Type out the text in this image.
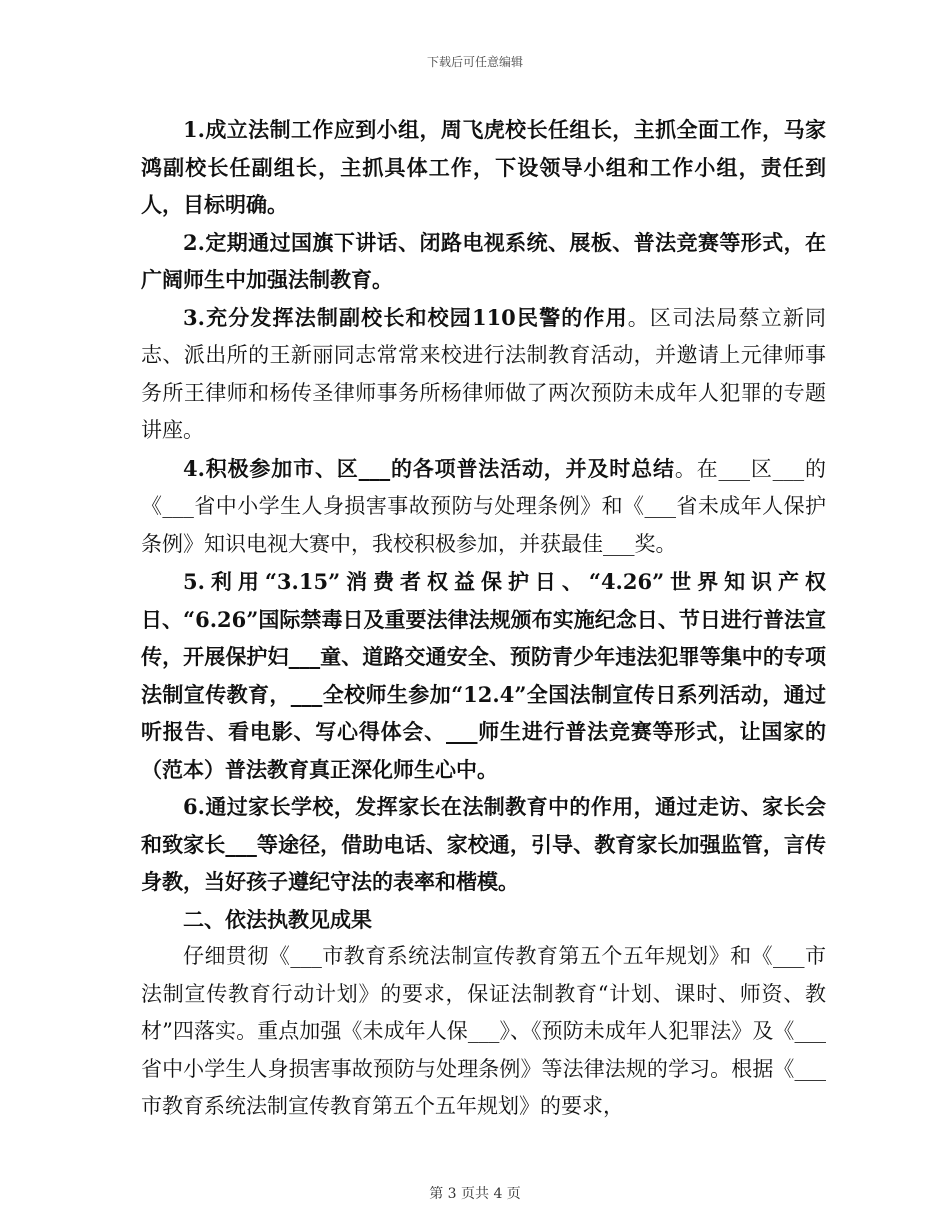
下载后可任意编辑

1.成立法制工作应到小组，周飞虎校长任组长，主抓全面工作，马家鸿副校长任副组长，主抓具体工作，下设领导小组和工作小组，责任到人，目标明确。

2.定期通过国旗下讲话、闭路电视系统、展板、普法竞赛等形式，在广阔师生中加强法制教育。

3.充分发挥法制副校长和校园110民警的作用。区司法局蔡立新同志、派出所的王新丽同志常常来校进行法制教育活动，并邀请上元律师事务所王律师和杨传圣律师事务所杨律师做了两次预防未成年人犯罪的专题讲座。

4.积极参加市、区___的各项普法活动，并及时总结。在___区___的《___省中小学生人身损害事故预防与处理条例》和《___省未成年人保护条例》知识电视大赛中，我校积极参加，并获最佳___奖。

5.利用“3.15”消费者权益保护日、“4.26”世界知识产权日、“6.26”国际禁毒日及重要法律法规颁布实施纪念日、节日进行普法宣传，开展保护妇___童、道路交通安全、预防青少年违法犯罪等集中的专项法制宣传教育，___全校师生参加“12.4”全国法制宣传日系列活动，通过听报告、看电影、写心得体会、___师生进行普法竞赛等形式，让国家的（范本）普法教育真正深化师生心中。

6.通过家长学校，发挥家长在法制教育中的作用，通过走访、家长会和致家长___等途径，借助电话、家校通，引导、教育家长加强监管，言传身教，当好孩子遵纪守法的表率和楷模。

二、依法执教见成果

仔细贯彻《___市教育系统法制宣传教育第五个五年规划》和《___市法制宣传教育行动计划》的要求，保证法制教育“计划、课时、师资、教材”四落实。重点加强《未成年人保___》、《预防未成年人犯罪法》及《___省中小学生人身损害事故预防与处理条例》等法律法规的学习。根据《___市教育系统法制宣传教育第五个五年规划》的要求，

第 3 页共 4 页
